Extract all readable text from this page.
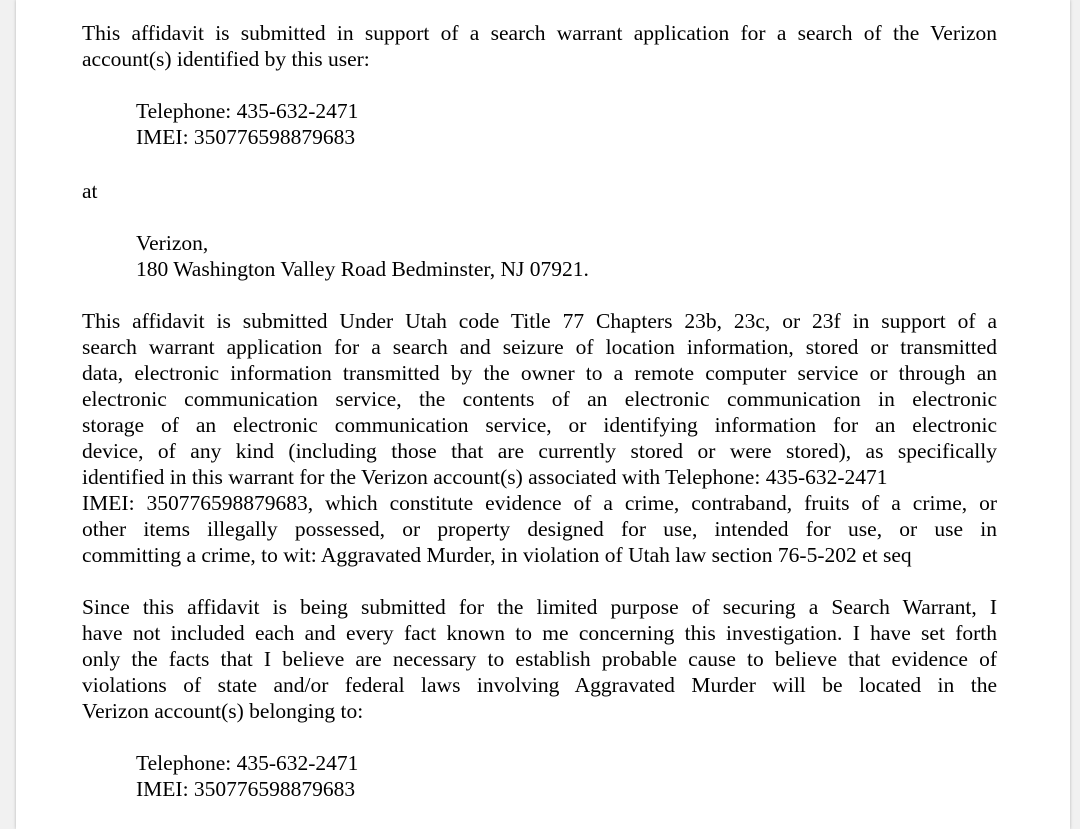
This affidavit is submitted in support of a search warrant application for a search of the Verizon
account(s) identified by this user:

Telephone: 435-632-2471
IMEI: 350776598879683
at
Verizon,
180 Washington Valley Road Bedminster, NJ 07921.

This affidavit is submitted Under Utah code Title 77 Chapters 23b, 23c, or 23f in support of a
search warrant application for a search and seizure of location information, stored or transmitted
data, electronic information transmitted by the owner to a remote computer service or through an
electronic communication service, the contents of an electronic communication in electronic
storage of an electronic communication service, or identifying information for an electronic
device, of any kind (including those that are currently stored or were stored), as specifically
identified in this warrant for the Verizon account(s) associated with Telephone: 435-632-2471
IMEI: 350776598879683, which constitute evidence of a crime, contraband, fruits of a crime, or
other items illegally possessed, or property designed for use, intended for use, or use in
committing a crime, to wit: Aggravated Murder, in violation of Utah law section 76-5-202 et seq

Since this affidavit is being submitted for the limited purpose of securing a Search Warrant, I
have not included each and every fact known to me concerning this investigation. I have set forth
only the facts that I believe are necessary to establish probable cause to believe that evidence of
violations of state and/or federal laws involving Aggravated Murder will be located in the
Verizon account(s) belonging to:

Telephone: 435-632-2471
IMEI: 350776598879683
